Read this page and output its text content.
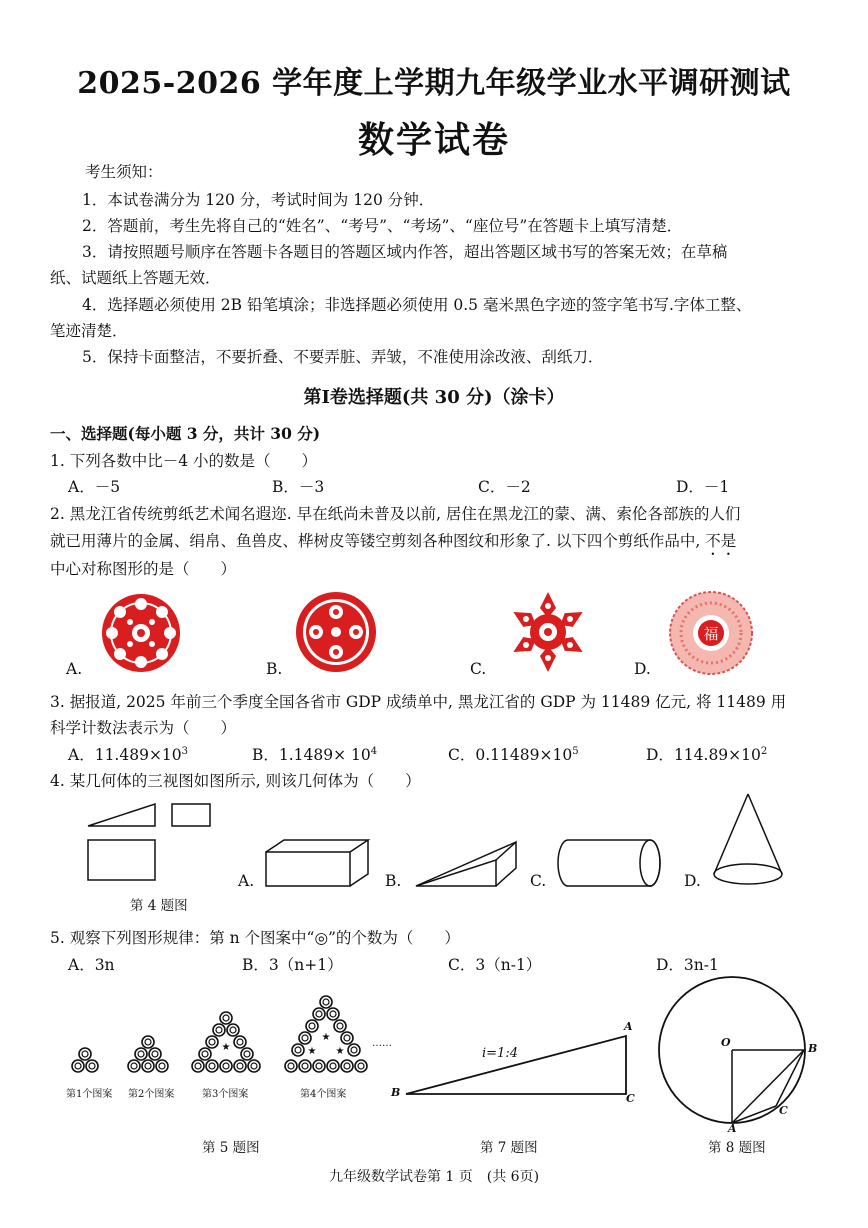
2025-2026 学年度上学期九年级学业水平调研测试
数学试卷
考生须知：
1．本试卷满分为 120 分，考试时间为 120 分钟．
2．答题前，考生先将自己的“姓名”、“考号”、“考场”、“座位号”在答题卡上填写清楚．
3．请按照题号顺序在答题卡各题目的答题区域内作答，超出答题区域书写的答案无效；在草稿
纸、试题纸上答题无效．
4．选择题必须使用 2B 铅笔填涂；非选择题必须使用 0.5 毫米黑色字迹的签字笔书写.字体工整、
笔迹清楚．
5．保持卡面整洁，不要折叠、不要弄脏、弄皱，不准使用涂改液、刮纸刀．
第Ⅰ卷选择题(共 30 分)（涂卡）
一、选择题(每小题 3 分，共计 30 分)
1. 下列各数中比－4 小的数是（　　）
A．－5	B．－3	C．－2	D．－1
2. 黑龙江省传统剪纸艺术闻名遐迩. 早在纸尚未普及以前, 居住在黑龙江的蒙、满、索伦各部族的人们
就已用薄片的金属、绢帛、鱼兽皮、桦树皮等镂空剪刻各种图纹和形象了. 以下四个剪纸作品中, 不是
中心对称图形的是（　　）
A.	B.	C.
福
D.
3. 据报道, 2025 年前三个季度全国各省市 GDP 成绩单中, 黑龙江省的 GDP 为 11489 亿元, 将 11489 用
科学计数法表示为（　　）
A．$11.489\times 10^3$	B．$1.1489\times 10^4$	C．$0.11489\times 10^5$	D．$114.89\times 10^2$
4. 某几何体的三视图如图所示, 则该几何体为（　　）
第 4 题图
A.	B.	C.	D.
5. 观察下列图形规律：第 n 个图案中“◎”的个数为（　　）
A．3n	B．3（n+1）	C．3（n-1）	D．3n-1
★
★
★ ★
……
第1个图案 第2个图案	第3个图案	第4个图案
第 5 题图
i=1:4
A
B	C
第 7 题图
O
A
B
C
第 8 题图
九年级数学试卷第 1 页　(共 6页)
